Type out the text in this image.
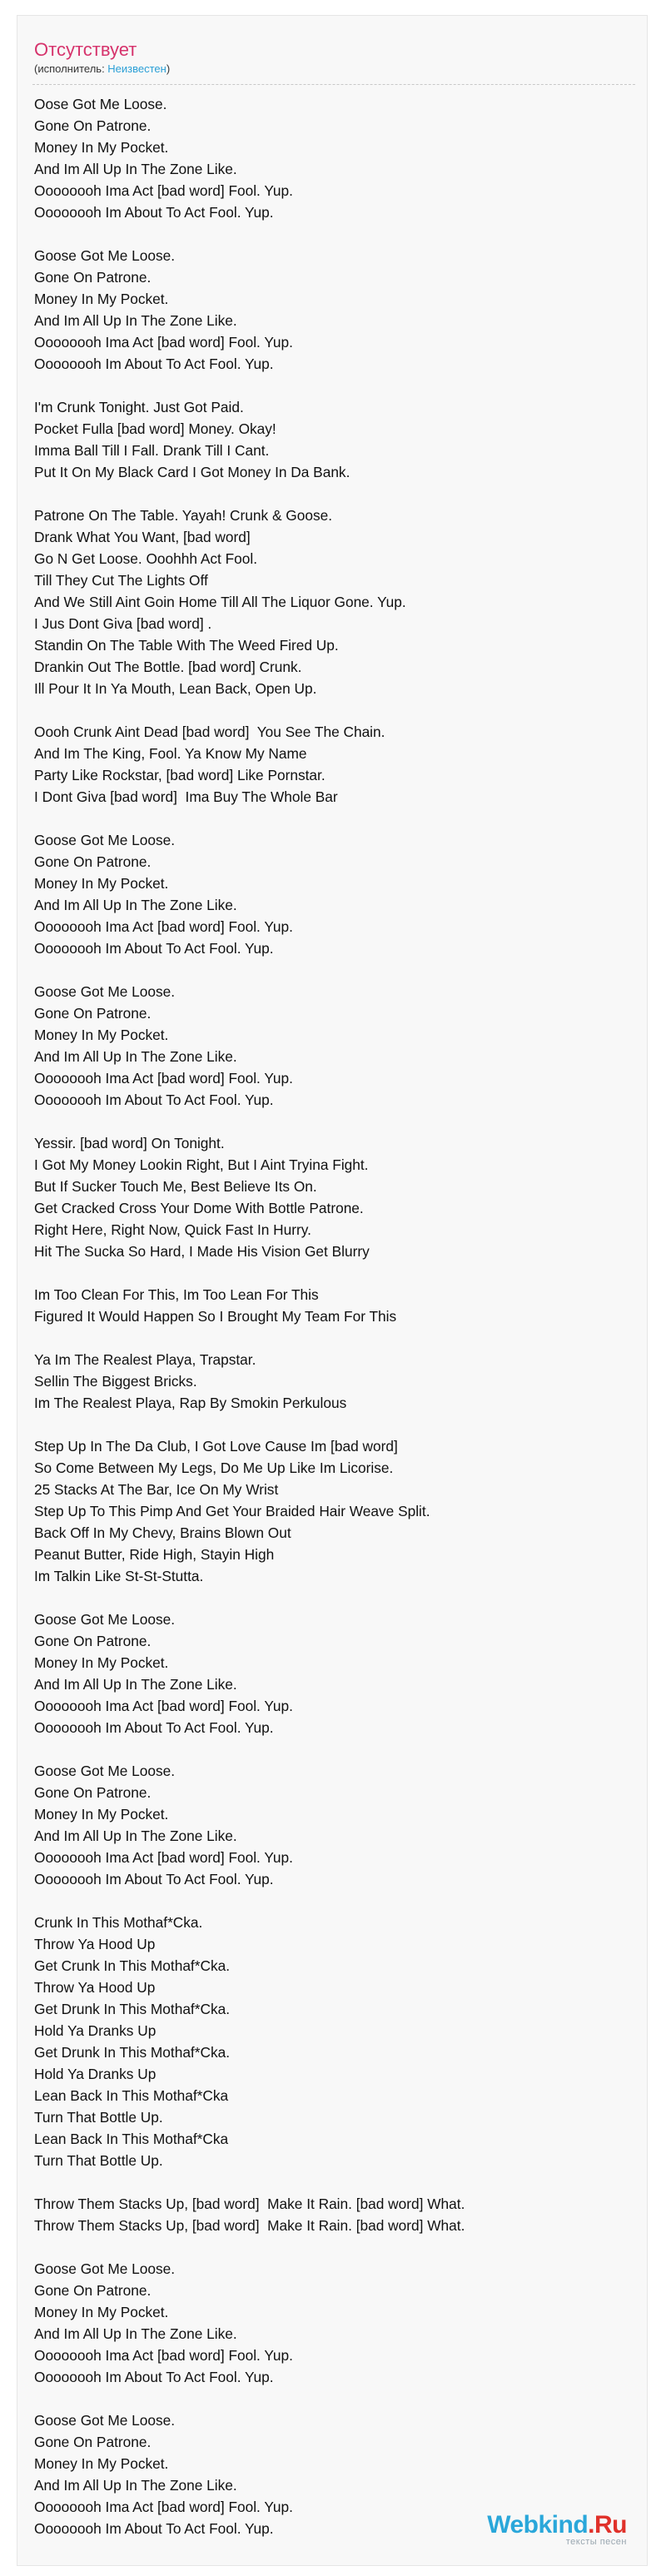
Отсутствует
(исполнитель: Неизвестен)
Oose Got Me Loose.
Gone On Patrone.
Money In My Pocket.
And Im All Up In The Zone Like.
Oooooooh Ima Act [bad word] Fool. Yup.
Oooooooh Im About To Act Fool. Yup.
Goose Got Me Loose.
Gone On Patrone.
Money In My Pocket.
And Im All Up In The Zone Like.
Oooooooh Ima Act [bad word] Fool. Yup.
Oooooooh Im About To Act Fool. Yup.
I'm Crunk Tonight. Just Got Paid.
Pocket Fulla [bad word] Money. Okay!
Imma Ball Till I Fall. Drank Till I Cant.
Put It On My Black Card I Got Money In Da Bank.
Patrone On The Table. Yayah! Crunk & Goose.
Drank What You Want, [bad word]
Go N Get Loose. Ooohhh Act Fool.
Till They Cut The Lights Off
And We Still Aint Goin Home Till All The Liquor Gone. Yup.
I Jus Dont Giva [bad word] .
Standin On The Table With The Weed Fired Up.
Drankin Out The Bottle. [bad word] Crunk.
Ill Pour It In Ya Mouth, Lean Back, Open Up.
Oooh Crunk Aint Dead [bad word]  You See The Chain.
And Im The King, Fool. Ya Know My Name
Party Like Rockstar, [bad word] Like Pornstar.
I Dont Giva [bad word]  Ima Buy The Whole Bar
Goose Got Me Loose.
Gone On Patrone.
Money In My Pocket.
And Im All Up In The Zone Like.
Oooooooh Ima Act [bad word] Fool. Yup.
Oooooooh Im About To Act Fool. Yup.
Goose Got Me Loose.
Gone On Patrone.
Money In My Pocket.
And Im All Up In The Zone Like.
Oooooooh Ima Act [bad word] Fool. Yup.
Oooooooh Im About To Act Fool. Yup.
Yessir. [bad word] On Tonight.
I Got My Money Lookin Right, But I Aint Tryina Fight.
But If Sucker Touch Me, Best Believe Its On.
Get Cracked Cross Your Dome With Bottle Patrone.
Right Here, Right Now, Quick Fast In Hurry.
Hit The Sucka So Hard, I Made His Vision Get Blurry
Im Too Clean For This, Im Too Lean For This
Figured It Would Happen So I Brought My Team For This
Ya Im The Realest Playa, Trapstar.
Sellin The Biggest Bricks.
Im The Realest Playa, Rap By Smokin Perkulous
Step Up In The Da Club, I Got Love Cause Im [bad word]
So Come Between My Legs, Do Me Up Like Im Licorise.
25 Stacks At The Bar, Ice On My Wrist
Step Up To This Pimp And Get Your Braided Hair Weave Split.
Back Off In My Chevy, Brains Blown Out
Peanut Butter, Ride High, Stayin High
Im Talkin Like St-St-Stutta.
Goose Got Me Loose.
Gone On Patrone.
Money In My Pocket.
And Im All Up In The Zone Like.
Oooooooh Ima Act [bad word] Fool. Yup.
Oooooooh Im About To Act Fool. Yup.
Goose Got Me Loose.
Gone On Patrone.
Money In My Pocket.
And Im All Up In The Zone Like.
Oooooooh Ima Act [bad word] Fool. Yup.
Oooooooh Im About To Act Fool. Yup.
Crunk In This Mothaf*Cka.
Throw Ya Hood Up
Get Crunk In This Mothaf*Cka.
Throw Ya Hood Up
Get Drunk In This Mothaf*Cka.
Hold Ya Dranks Up
Get Drunk In This Mothaf*Cka.
Hold Ya Dranks Up
Lean Back In This Mothaf*Cka
Turn That Bottle Up.
Lean Back In This Mothaf*Cka
Turn That Bottle Up.
Throw Them Stacks Up, [bad word]  Make It Rain. [bad word] What.
Throw Them Stacks Up, [bad word]  Make It Rain. [bad word] What.
Goose Got Me Loose.
Gone On Patrone.
Money In My Pocket.
And Im All Up In The Zone Like.
Oooooooh Ima Act [bad word] Fool. Yup.
Oooooooh Im About To Act Fool. Yup.
Goose Got Me Loose.
Gone On Patrone.
Money In My Pocket.
And Im All Up In The Zone Like.
Oooooooh Ima Act [bad word] Fool. Yup.
Oooooooh Im About To Act Fool. Yup.	Webkind.Ru
тексты песен
